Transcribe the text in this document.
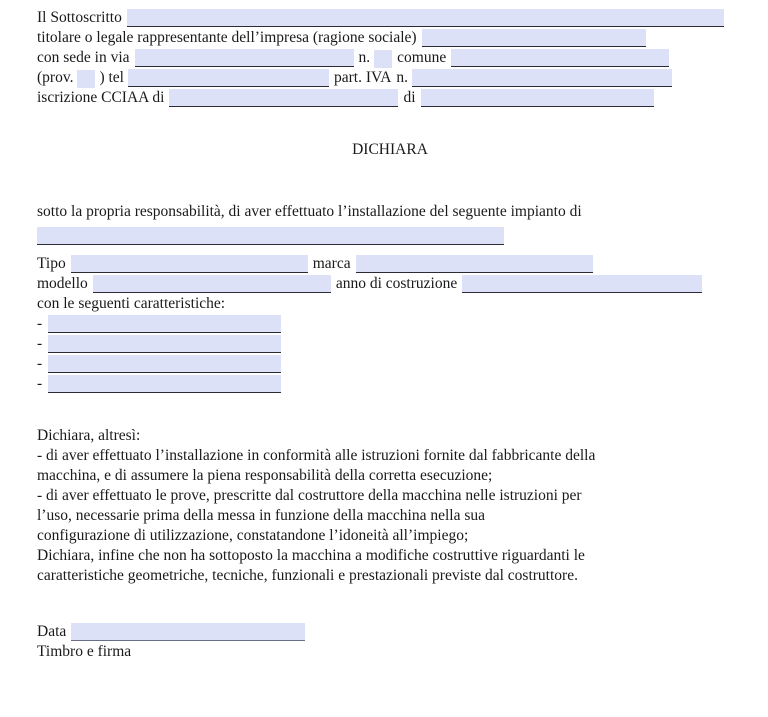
Il Sottoscritto
titolare o legale rappresentante dell’impresa (ragione sociale)
con sede in via	n. comune
(prov. ) tel	part. IVA n.
iscrizione CCIAA di	di

DICHIARA

sotto la propria responsabilità, di aver effettuato l’installazione del seguente impianto di

Tipo	marca
modello	anno di costruzione

con le seguenti caratteristiche:

-
-
-
-

Dichiara, altresì:

- di aver effettuato l’installazione in conformità alle istruzioni fornite dal fabbricante della

macchina, e di assumere la piena responsabilità della corretta esecuzione;

- di aver effettuato le prove, prescritte dal costruttore della macchina nelle istruzioni per

l’uso, necessarie prima della messa in funzione della macchina nella sua

configurazione di utilizzazione, constatandone l’idoneità all’impiego;

Dichiara, infine che non ha sottoposto la macchina a modifiche costruttive riguardanti le

caratteristiche geometriche, tecniche, funzionali e prestazionali previste dal costruttore.

Data

Timbro e firma
